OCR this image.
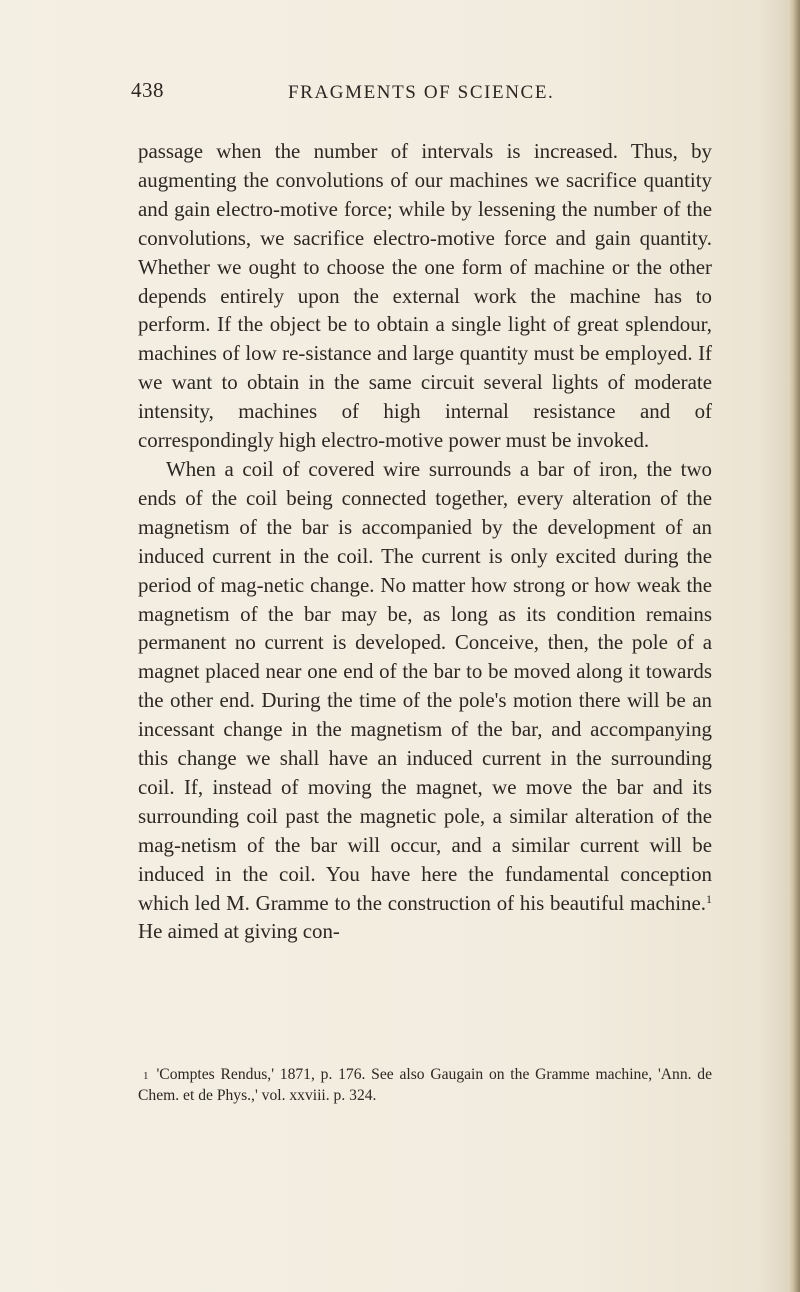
438	FRAGMENTS OF SCIENCE.

passage when the number of intervals is increased. Thus, by augmenting the convolutions of our machines we sacrifice quantity and gain electro-motive force; while by lessening the number of the convolutions, we sacrifice electro-motive force and gain quantity. Whether we ought to choose the one form of machine or the other depends entirely upon the external work the machine has to perform. If the object be to obtain a single light of great splendour, machines of low re-sistance and large quantity must be employed. If we want to obtain in the same circuit several lights of moderate intensity, machines of high internal resistance and of correspondingly high electro-motive power must be invoked.

When a coil of covered wire surrounds a bar of iron, the two ends of the coil being connected together, every alteration of the magnetism of the bar is accompanied by the development of an induced current in the coil. The current is only excited during the period of mag-netic change. No matter how strong or how weak the magnetism of the bar may be, as long as its condition remains permanent no current is developed. Conceive, then, the pole of a magnet placed near one end of the bar to be moved along it towards the other end. During the time of the pole's motion there will be an incessant change in the magnetism of the bar, and accompanying this change we shall have an induced current in the surrounding coil. If, instead of moving the magnet, we move the bar and its surrounding coil past the magnetic pole, a similar alteration of the mag-netism of the bar will occur, and a similar current will be induced in the coil. You have here the fundamental conception which led M. Gramme to the construction of his beautiful machine.$^1$ He aimed at giving con-

1 'Comptes Rendus,' 1871, p. 176. See also Gaugain on the Gramme machine, 'Ann. de Chem. et de Phys.,' vol. xxviii. p. 324.
